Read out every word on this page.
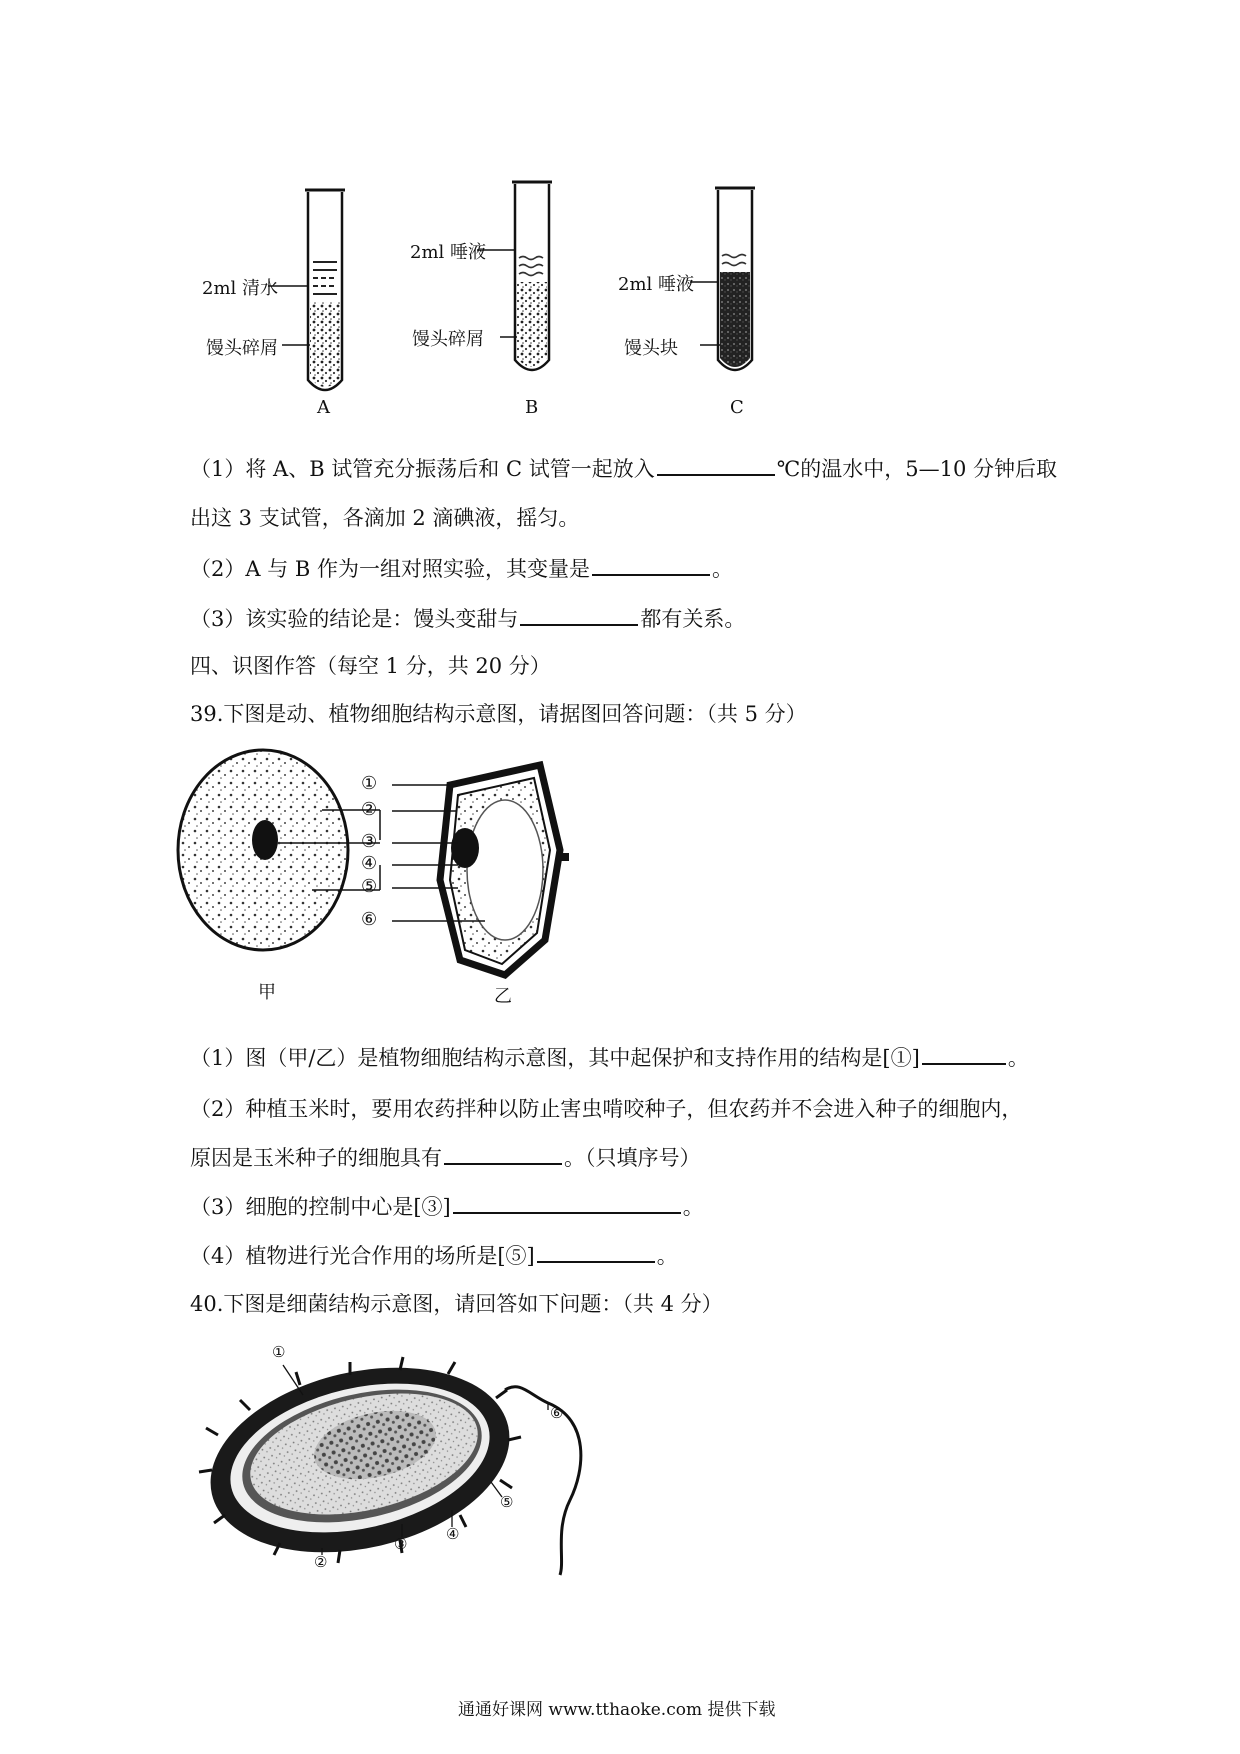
2ml 清水
馒头碎屑
A
2ml 唾液
馒头碎屑
B
2ml 唾液
馒头块
C
（1）将 A、B 试管充分振荡后和 C 试管一起放入	℃的温水中，5—10 分钟后取
出这 3 支试管，各滴加 2 滴碘液，摇匀。
（2）A 与 B 作为一组对照实验，其变量是	。
（3）该实验的结论是：馒头变甜与	都有关系。
四、识图作答（每空 1 分，共 20 分）
39.下图是动、植物细胞结构示意图，请据图回答问题：（共 5 分）
①
②
③
④
⑤
⑥
甲	乙
（1）图（甲/乙）是植物细胞结构示意图，其中起保护和支持作用的结构是[①]	。
（2）种植玉米时，要用农药拌种以防止害虫啃咬种子，但农药并不会进入种子的细胞内，
原因是玉米种子的细胞具有	。（只填序号）
（3）细胞的控制中心是[③]	。
（4）植物进行光合作用的场所是[⑤]	。
40.下图是细菌结构示意图，请回答如下问题：（共 4 分）
①
②
③
④
⑤
⑥
通通好课网 www.tthaoke.com 提供下载
